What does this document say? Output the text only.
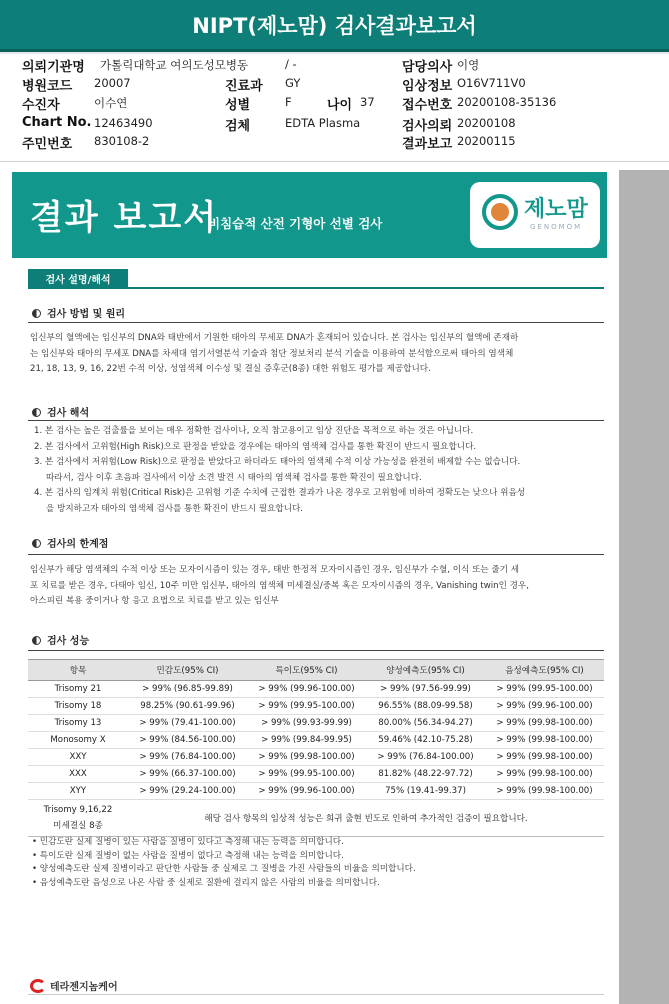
NIPT(제노맘) 검사결과보고서
의뢰기관명 가톨릭대학교 여의도성모병동	/ -	담당의사 이영
병원코드 20007	진료과 GY	임상정보 O16V711V0
수진자	이수연	성별	F	나이 37 접수번호 20200108-35136
Chart No. 12463490	검체	EDTA Plasma	검사의뢰 20200108
주민번호 830108-2	결과보고 20200115
결과 보고서
비침습적 산전 기형아 선별 검사
제노맘
GENOMOM
검사 설명/해석
검사 방법 및 원리
임신부의 혈액에는 임신부의 DNA와 태반에서 기원한 태아의 무세포 DNA가 혼재되어 있습니다. 본 검사는 임신부의 혈액에 존재하
는 임신부와 태아의 무세포 DNA를 차세대 염기서열분석 기술과 첨단 정보처리 분석 기술을 이용하여 분석함으로써 태아의 염색체
21, 18, 13, 9, 16, 22번 수적 이상, 성염색체 이수성 및 결실 증후군(8종) 대한 위험도 평가를 제공합니다.
검사 해석
1. 본 검사는 높은 검출률을 보이는 매우 정확한 검사이나, 오직 참고용이고 임상 진단을 목적으로 하는 것은 아닙니다.
2. 본 검사에서 고위험(High Risk)으로 판정을 받았을 경우에는 태아의 염색체 검사를 통한 확진이 반드시 필요합니다.
3. 본 검사에서 저위험(Low Risk)으로 판정을 받았다고 하더라도 태아의 염색체 수적 이상 가능성을 완전히 배제할 수는 없습니다.
따라서, 검사 이후 초음파 검사에서 이상 소견 발견 시 태아의 염색체 검사를 통한 확진이 필요합니다.
4. 본 검사의 임계치 위험(Critical Risk)은 고위험 기준 수치에 근접한 결과가 나온 경우로 고위험에 비하여 정확도는 낮으나 위음성
을 방지하고자 태아의 염색체 검사를 통한 확진이 반드시 필요합니다.
검사의 한계점
임신부가 해당 염색체의 수적 이상 또는 모자이시즘이 있는 경우, 태반 한정적 모자이시즘인 경우, 임신부가 수혈, 이식 또는 줄기 세
포 치료를 받은 경우, 다태아 임신, 10주 미만 임신부, 태아의 염색체 미세결실/중복 혹은 모자이시즘의 경우, Vanishing twin인 경우,
아스피린 복용 중이거나 항 응고 요법으로 치료를 받고 있는 임신부
검사 성능
항목	민감도(95% CI)	특이도(95% CI)	양성예측도(95% CI)	음성예측도(95% CI)
Trisomy 21	> 99% (96.85-99.89)	> 99% (99.96-100.00)	> 99% (97.56-99.99)	> 99% (99.95-100.00)
Trisomy 18	98.25% (90.61-99.96)	> 99% (99.95-100.00)	96.55% (88.09-99.58)	> 99% (99.96-100.00)
Trisomy 13	> 99% (79.41-100.00)	> 99% (99.93-99.99)	80.00% (56.34-94.27)	> 99% (99.98-100.00)
Monosomy X	> 99% (84.56-100.00)	> 99% (99.84-99.95)	59.46% (42.10-75.28)	> 99% (99.98-100.00)
XXY	> 99% (76.84-100.00)	> 99% (99.98-100.00)	> 99% (76.84-100.00)	> 99% (99.98-100.00)
XXX	> 99% (66.37-100.00)	> 99% (99.95-100.00)	81.82% (48.22-97.72)	> 99% (99.98-100.00)
XYY	> 99% (29.24-100.00)	> 99% (99.96-100.00)	75% (19.41-99.37)	> 99% (99.98-100.00)

Trisomy 9,16,22
미세결실 8종	해당 검사 항목의 임상적 성능은 희귀 출현 빈도로 인하여 추가적인 검증이 필요합니다.			
• 민감도란 실제 질병이 있는 사람을 질병이 있다고 측정해 내는 능력을 의미합니다.
• 특이도란 실제 질병이 없는 사람을 질병이 없다고 측정해 내는 능력을 의미합니다.
• 양성예측도란 실제 질병이라고 판단한 사람들 중 실제로 그 질병을 가진 사람들의 비율을 의미합니다.
• 음성예측도란 음성으로 나온 사람 중 실제로 질환에 걸리지 않은 사람의 비율을 의미합니다.
테라젠지놈케어
